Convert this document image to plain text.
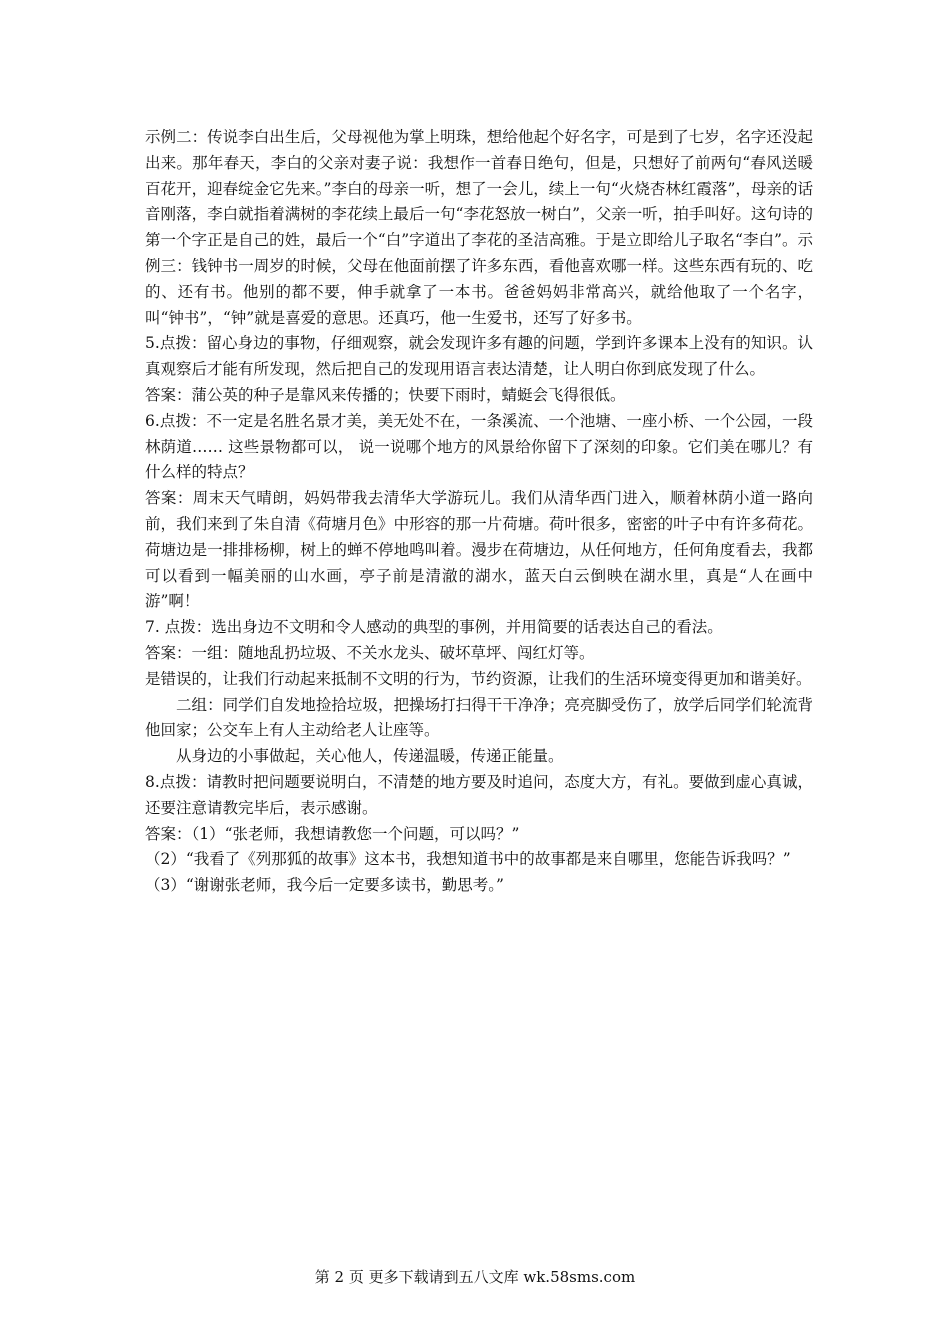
示例二：传说李白出生后，父母视他为掌上明珠，想给他起个好名字，可是到了七岁，名字还没起出来。那年春天，李白的父亲对妻子说：我想作一首春日绝句，但是，只想好了前两句“春风送暖百花开，迎春绽金它先来。”李白的母亲一听，想了一会儿，续上一句“火烧杏林红霞落”，母亲的话音刚落，李白就指着满树的李花续上最后一句“李花怒放一树白”，父亲一听，拍手叫好。这句诗的第一个字正是自己的姓，最后一个“白”字道出了李花的圣洁高雅。于是立即给儿子取名“李白”。示例三：钱钟书一周岁的时候，父母在他面前摆了许多东西，看他喜欢哪一样。这些东西有玩的、吃的、还有书。他别的都不要，伸手就拿了一本书。爸爸妈妈非常高兴，就给他取了一个名字，叫“钟书”，“钟”就是喜爱的意思。还真巧，他一生爱书，还写了好多书。

5.点拨：留心身边的事物，仔细观察，就会发现许多有趣的问题，学到许多课本上没有的知识。认真观察后才能有所发现，然后把自己的发现用语言表达清楚，让人明白你到底发现了什么。

答案：蒲公英的种子是靠风来传播的；快要下雨时，蜻蜓会飞得很低。

6.点拨：不一定是名胜名景才美，美无处不在，一条溪流、一个池塘、一座小桥、一个公园，一段林荫道…… 这些景物都可以， 说一说哪个地方的风景给你留下了深刻的印象。它们美在哪儿？有什么样的特点？

答案：周末天气晴朗，妈妈带我去清华大学游玩儿。我们从清华西门进入，顺着林荫小道一路向前，我们来到了朱自清《荷塘月色》中形容的那一片荷塘。荷叶很多，密密的叶子中有许多荷花。荷塘边是一排排杨柳，树上的蝉不停地鸣叫着。漫步在荷塘边，从任何地方，任何角度看去，我都可以看到一幅美丽的山水画，亭子前是清澈的湖水，蓝天白云倒映在湖水里，真是“人在画中游”啊！

7. 点拨：选出身边不文明和令人感动的典型的事例，并用简要的话表达自己的看法。

答案：一组：随地乱扔垃圾、不关水龙头、破坏草坪、闯红灯等。

是错误的，让我们行动起来抵制不文明的行为，节约资源，让我们的生活环境变得更加和谐美好。

二组：同学们自发地捡拾垃圾，把操场打扫得干干净净；亮亮脚受伤了，放学后同学们轮流背他回家；公交车上有人主动给老人让座等。

从身边的小事做起，关心他人，传递温暖，传递正能量。

8.点拨：请教时把问题要说明白，不清楚的地方要及时追问，态度大方，有礼。要做到虚心真诚，还要注意请教完毕后，表示感谢。

答案：（1）“张老师，我想请教您一个问题，可以吗？”

（2）“我看了《列那狐的故事》这本书，我想知道书中的故事都是来自哪里，您能告诉我吗？”

（3）“谢谢张老师，我今后一定要多读书，勤思考。”

第 2 页 更多下载请到五八文库 wk.58sms.com
